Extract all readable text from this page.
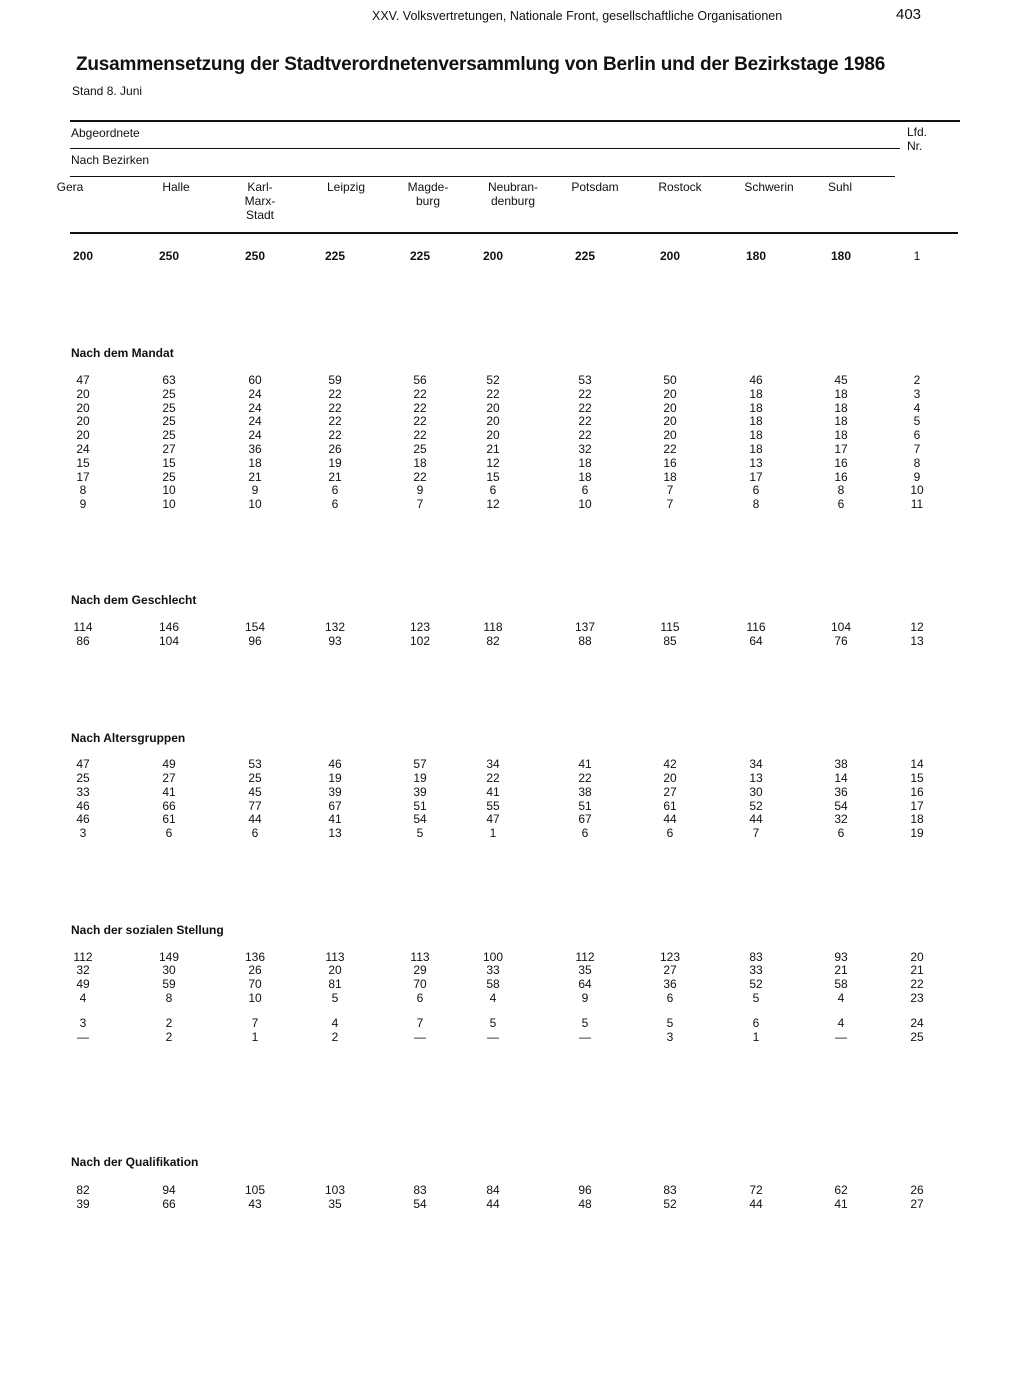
XXV. Volksvertretungen, Nationale Front, gesellschaftliche Organisationen	403
Zusammensetzung der Stadtverordnetenversammlung von Berlin und der Bezirkstage 1986
Stand 8. Juni
Abgeordnete	Lfd.
Nr.
Nach Bezirken
Gera	Halle	Karl-
Marx-
Stadt
Leipzig	Magde-
burg
Neubran-
denburg
Potsdam	Rostock	Schwerin	Suhl
200	250	250	225	225	200	225	200	180	180	1
Nach dem Mandat
47	63	60	59	56	52	53	50	46	45	2
20	25	24	22	22	22	22	20	18	18	3
20	25	24	22	22	20	22	20	18	18	4
20	25	24	22	22	20	22	20	18	18	5
20	25	24	22	22	20	22	20	18	18	6
24	27	36	26	25	21	32	22	18	17	7
15	15	18	19	18	12	18	16	13	16	8
17	25	21	21	22	15	18	18	17	16	9
8	10	9	6	9	6	6	7	6	8	10
9	10	10	6	7	12	10	7	8	6	11
Nach dem Geschlecht
114	146	154	132	123	118	137	115	116	104	12
86	104	96	93	102	82	88	85	64	76	13
Nach Altersgruppen
47	49	53	46	57	34	41	42	34	38	14
25	27	25	19	19	22	22	20	13	14	15
33	41	45	39	39	41	38	27	30	36	16
46	66	77	67	51	55	51	61	52	54	17
46	61	44	41	54	47	67	44	44	32	18
3	6	6	13	5	1	6	6	7	6	19
Nach der sozialen Stellung
112	149	136	113	113	100	112	123	83	93	20
32	30	26	20	29	33	35	27	33	21	21
49	59	70	81	70	58	64	36	52	58	22
4	8	10	5	6	4	9	6	5	4	23
3	2	7	4	7	5	5	5	6	4	24
—	2	1	2	—	—	—	3	1	—	25
Nach der Qualifikation
82	94	105	103	83	84	96	83	72	62	26
39	66	43	35	54	44	48	52	44	41	27
